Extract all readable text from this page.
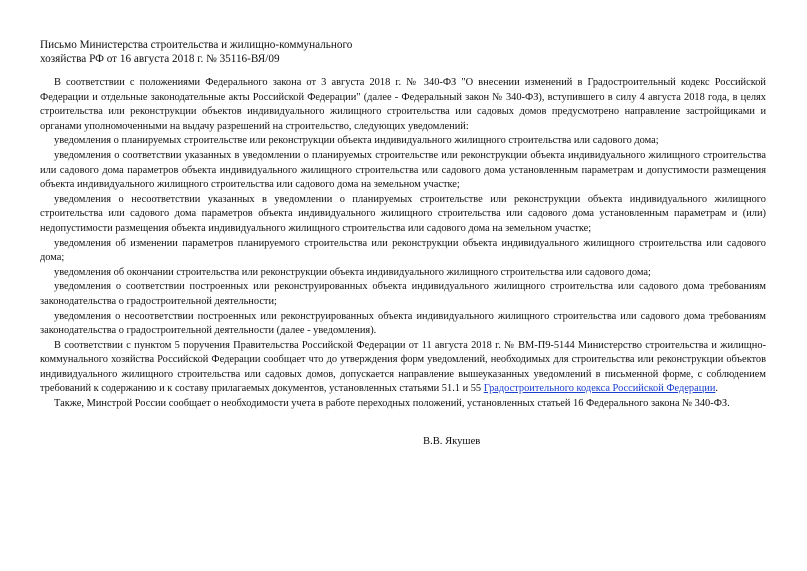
Письмо Министерства строительства и жилищно-коммунального хозяйства РФ от 16 августа 2018 г. № 35116-ВЯ/09

В соответствии с положениями Федерального закона от 3 августа 2018 г. № 340-ФЗ "О внесении изменений в Градостроительный кодекс Российской Федерации и отдельные законодательные акты Российской Федерации" (далее - Федеральный закон № 340-ФЗ), вступившего в силу 4 августа 2018 года, в целях строительства или реконструкции объектов индивидуального жилищного строительства или садовых домов предусмотрено направление застройщиками и органами уполномоченными на выдачу разрешений на строительство, следующих уведомлений:

уведомления о планируемых строительстве или реконструкции объекта индивидуального жилищного строительства или садового дома;

уведомления о соответствии указанных в уведомлении о планируемых строительстве или реконструкции объекта индивидуального жилищного строительства или садового дома параметров объекта индивидуального жилищного строительства или садового дома установленным параметрам и допустимости размещения объекта индивидуального жилищного строительства или садового дома на земельном участке;

уведомления о несоответствии указанных в уведомлении о планируемых строительстве или реконструкции объекта индивидуального жилищного строительства или садового дома параметров объекта индивидуального жилищного строительства или садового дома установленным параметрам и (или) недопустимости размещения объекта индивидуального жилищного строительства или садового дома на земельном участке;

уведомления об изменении параметров планируемого строительства или реконструкции объекта индивидуального жилищного строительства или садового дома;

уведомления об окончании строительства или реконструкции объекта индивидуального жилищного строительства или садового дома;

уведомления о соответствии построенных или реконструированных объекта индивидуального жилищного строительства или садового дома требованиям законодательства о градостроительной деятельности;

уведомления о несоответствии построенных или реконструированных объекта индивидуального жилищного строительства или садового дома требованиям законодательства о градостроительной деятельности (далее - уведомления).

В соответствии с пунктом 5 поручения Правительства Российской Федерации от 11 августа 2018 г. № ВМ-П9-5144 Министерство строительства и жилищно-коммунального хозяйства Российской Федерации сообщает что до утверждения форм уведомлений, необходимых для строительства или реконструкции объектов индивидуального жилищного строительства или садовых домов, допускается направление вышеуказанных уведомлений в письменной форме, с соблюдением требований к содержанию и к составу прилагаемых документов, установленных статьями 51.1 и 55 Градостроительного кодекса Российской Федерации.

Также, Минстрой России сообщает о необходимости учета в работе переходных положений, установленных статьей 16 Федерального закона № 340-ФЗ.

В.В. Якушев
